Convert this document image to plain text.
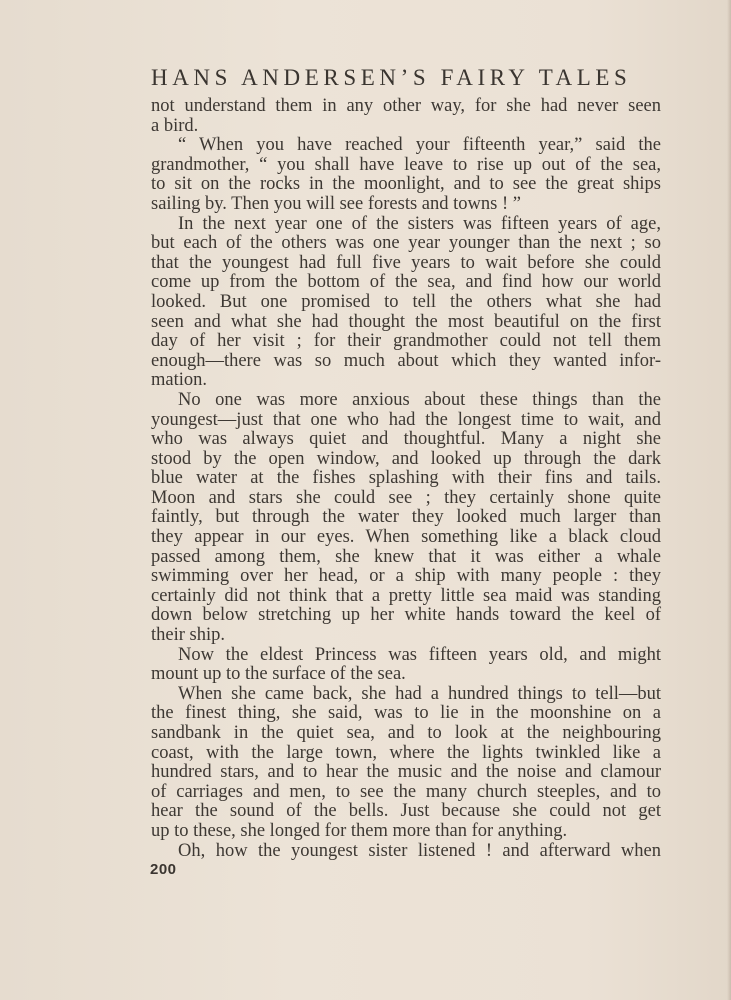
HANS ANDERSEN’S FAIRY TALES
not understand them in any other way, for she had never seen
a bird.
“ When you have reached your fifteenth year,” said the
grandmother, “ you shall have leave to rise up out of the sea,
to sit on the rocks in the moonlight, and to see the great ships
sailing by. Then you will see forests and towns ! ”
In the next year one of the sisters was fifteen years of age,
but each of the others was one year younger than the next ; so
that the youngest had full five years to wait before she could
come up from the bottom of the sea, and find how our world
looked. But one promised to tell the others what she had
seen and what she had thought the most beautiful on the first
day of her visit ; for their grandmother could not tell them
enough—there was so much about which they wanted infor-
mation.
No one was more anxious about these things than the
youngest—just that one who had the longest time to wait, and
who was always quiet and thoughtful. Many a night she
stood by the open window, and looked up through the dark
blue water at the fishes splashing with their fins and tails.
Moon and stars she could see ; they certainly shone quite
faintly, but through the water they looked much larger than
they appear in our eyes. When something like a black cloud
passed among them, she knew that it was either a whale
swimming over her head, or a ship with many people : they
certainly did not think that a pretty little sea maid was standing
down below stretching up her white hands toward the keel of
their ship.
Now the eldest Princess was fifteen years old, and might
mount up to the surface of the sea.
When she came back, she had a hundred things to tell—but
the finest thing, she said, was to lie in the moonshine on a
sandbank in the quiet sea, and to look at the neighbouring
coast, with the large town, where the lights twinkled like a
hundred stars, and to hear the music and the noise and clamour
of carriages and men, to see the many church steeples, and to
hear the sound of the bells. Just because she could not get
up to these, she longed for them more than for anything.
Oh, how the youngest sister listened ! and afterward when
200
